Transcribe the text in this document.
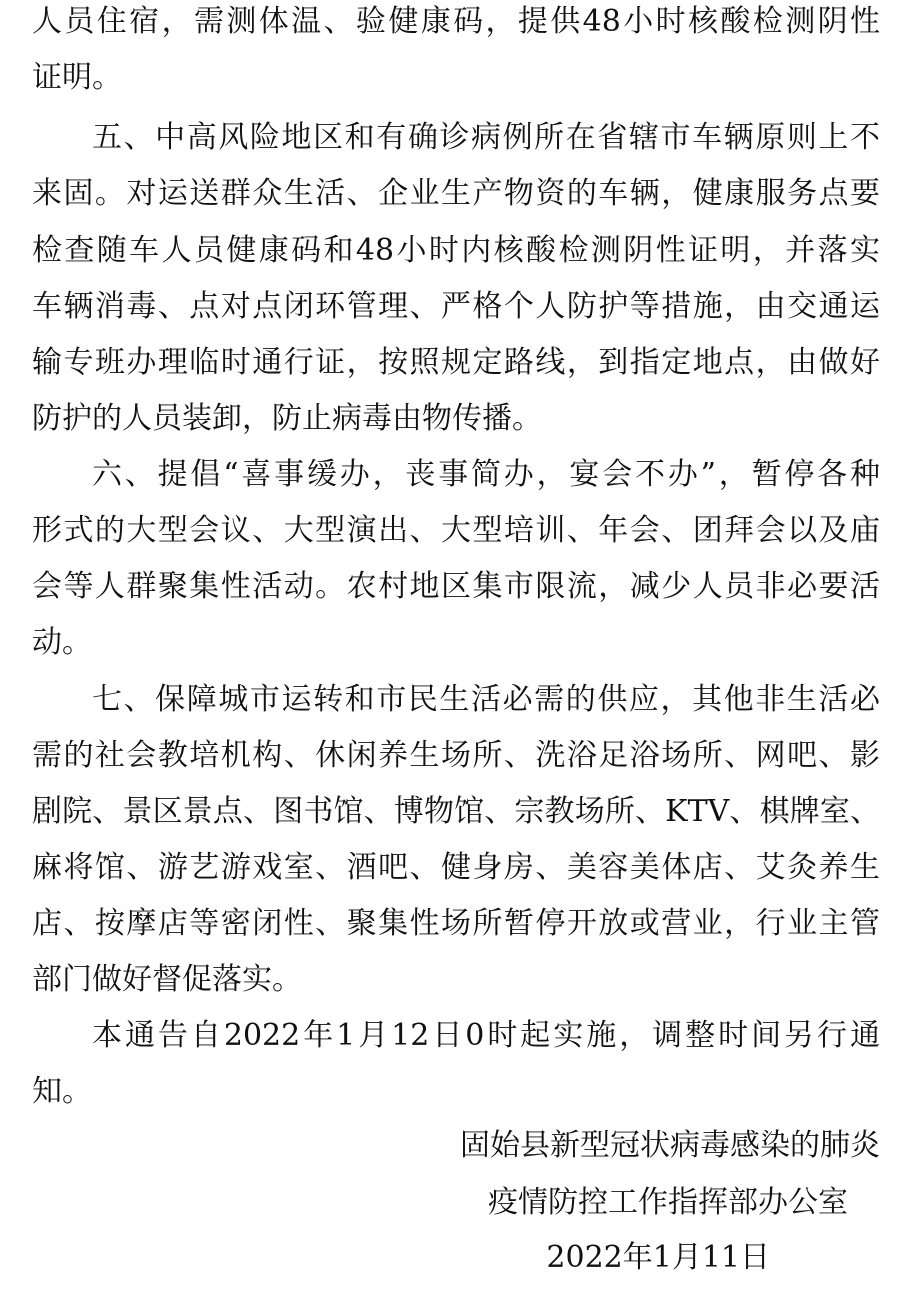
人员住宿，需测体温、验健康码，提供48小时核酸检测阴性
证明。
五、中高风险地区和有确诊病例所在省辖市车辆原则上不
来固。对运送群众生活、企业生产物资的车辆，健康服务点要
检查随车人员健康码和48小时内核酸检测阴性证明，并落实
车辆消毒、点对点闭环管理、严格个人防护等措施，由交通运
输专班办理临时通行证，按照规定路线，到指定地点，由做好
防护的人员装卸，防止病毒由物传播。
六、提倡“喜事缓办，丧事简办，宴会不办”，暂停各种
形式的大型会议、大型演出、大型培训、年会、团拜会以及庙
会等人群聚集性活动。农村地区集市限流，减少人员非必要活
动。
七、保障城市运转和市民生活必需的供应，其他非生活必
需的社会教培机构、休闲养生场所、洗浴足浴场所、网吧、影
剧院、景区景点、图书馆、博物馆、宗教场所、KTV、棋牌室、
麻将馆、游艺游戏室、酒吧、健身房、美容美体店、艾灸养生
店、按摩店等密闭性、聚集性场所暂停开放或营业，行业主管
部门做好督促落实。
本通告自2022年1月12日0时起实施，调整时间另行通
知。
固始县新型冠状病毒感染的肺炎
疫情防控工作指挥部办公室
2022年1月11日
